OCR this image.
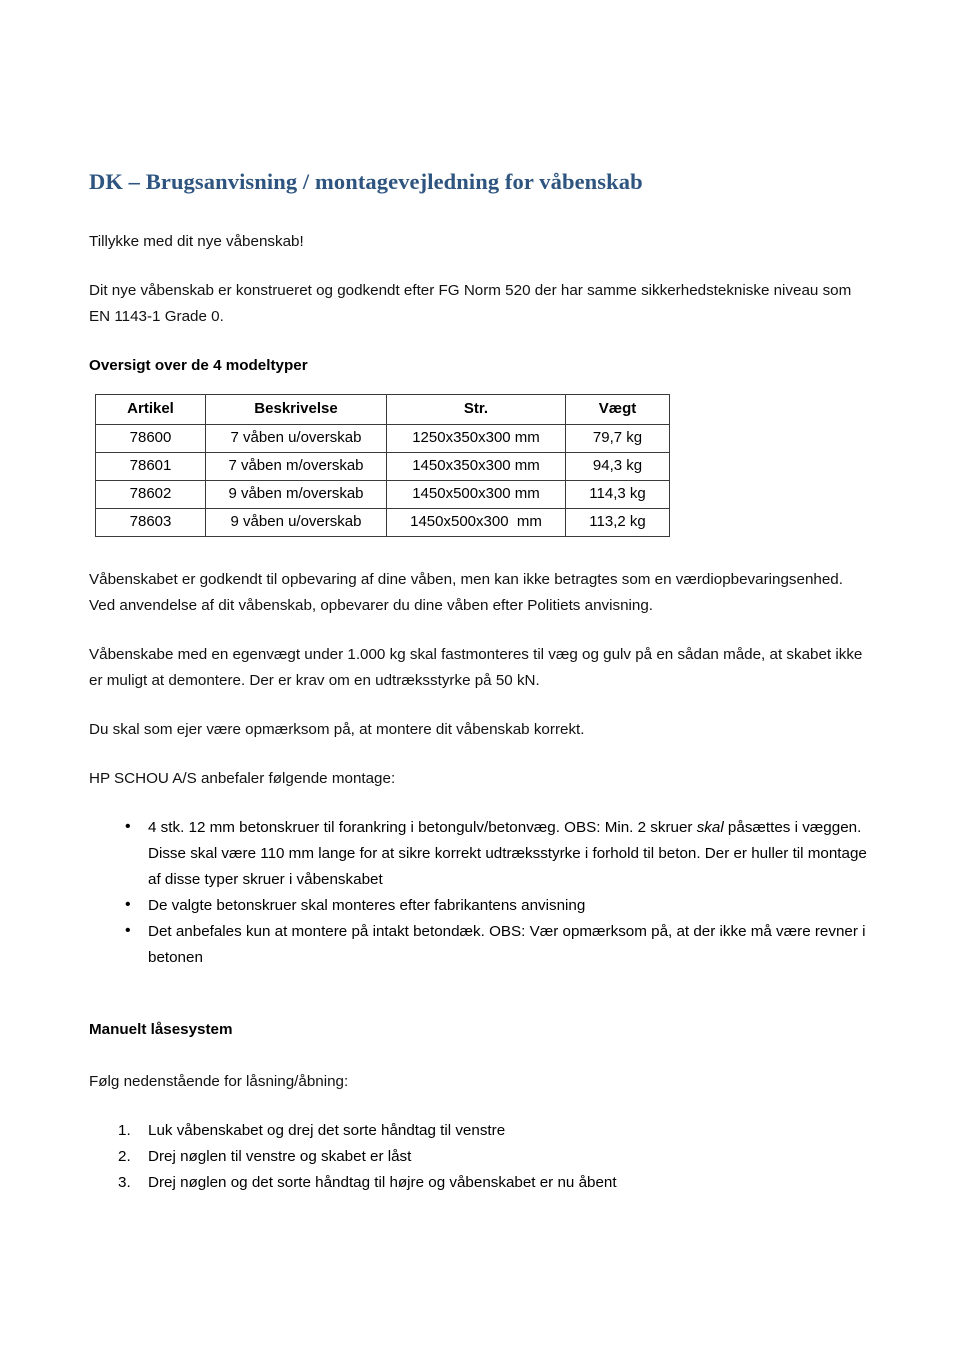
DK – Brugsanvisning / montagevejledning for våbenskab

Tillykke med dit nye våbenskab!

Dit nye våbenskab er konstrueret og godkendt efter FG Norm 520 der har samme sikkerhedstekniske niveau som EN 1143-1 Grade 0.

Oversigt over de 4 modeltyper
Artikel	Beskrivelse	Str.	Vægt
78600	7 våben u/overskab	1250x350x300 mm	79,7 kg
78601	7 våben m/overskab	1450x350x300 mm	94,3 kg
78602	9 våben m/overskab	1450x500x300 mm	114,3 kg
78603	9 våben u/overskab	1450x500x300  mm	113,2 kg

Våbenskabet er godkendt til opbevaring af dine våben, men kan ikke betragtes som en værdiopbevaringsenhed. Ved anvendelse af dit våbenskab, opbevarer du dine våben efter Politiets anvisning.

Våbenskabe med en egenvægt under 1.000 kg skal fastmonteres til væg og gulv på en sådan måde, at skabet ikke er muligt at demontere. Der er krav om en udtræksstyrke på 50 kN.

Du skal som ejer være opmærksom på, at montere dit våbenskab korrekt.

HP SCHOU A/S anbefaler følgende montage:

• 4 stk. 12 mm betonskruer til forankring i betongulv/betonvæg. OBS: Min. 2 skruer skal påsættes i væggen. Disse skal være 110 mm lange for at sikre korrekt udtræksstyrke i forhold til beton. Der er huller til montage af disse typer skruer i våbenskabet
• De valgte betonskruer skal monteres efter fabrikantens anvisning
• Det anbefales kun at montere på intakt betondæk. OBS: Vær opmærksom på, at der ikke må være revner i betonen
Manuelt låsesystem

Følg nedenstående for låsning/åbning:

Luk våbenskabet og drej det sorte håndtag til venstre
Drej nøglen til venstre og skabet er låst
Drej nøglen og det sorte håndtag til højre og våbenskabet er nu åbent
